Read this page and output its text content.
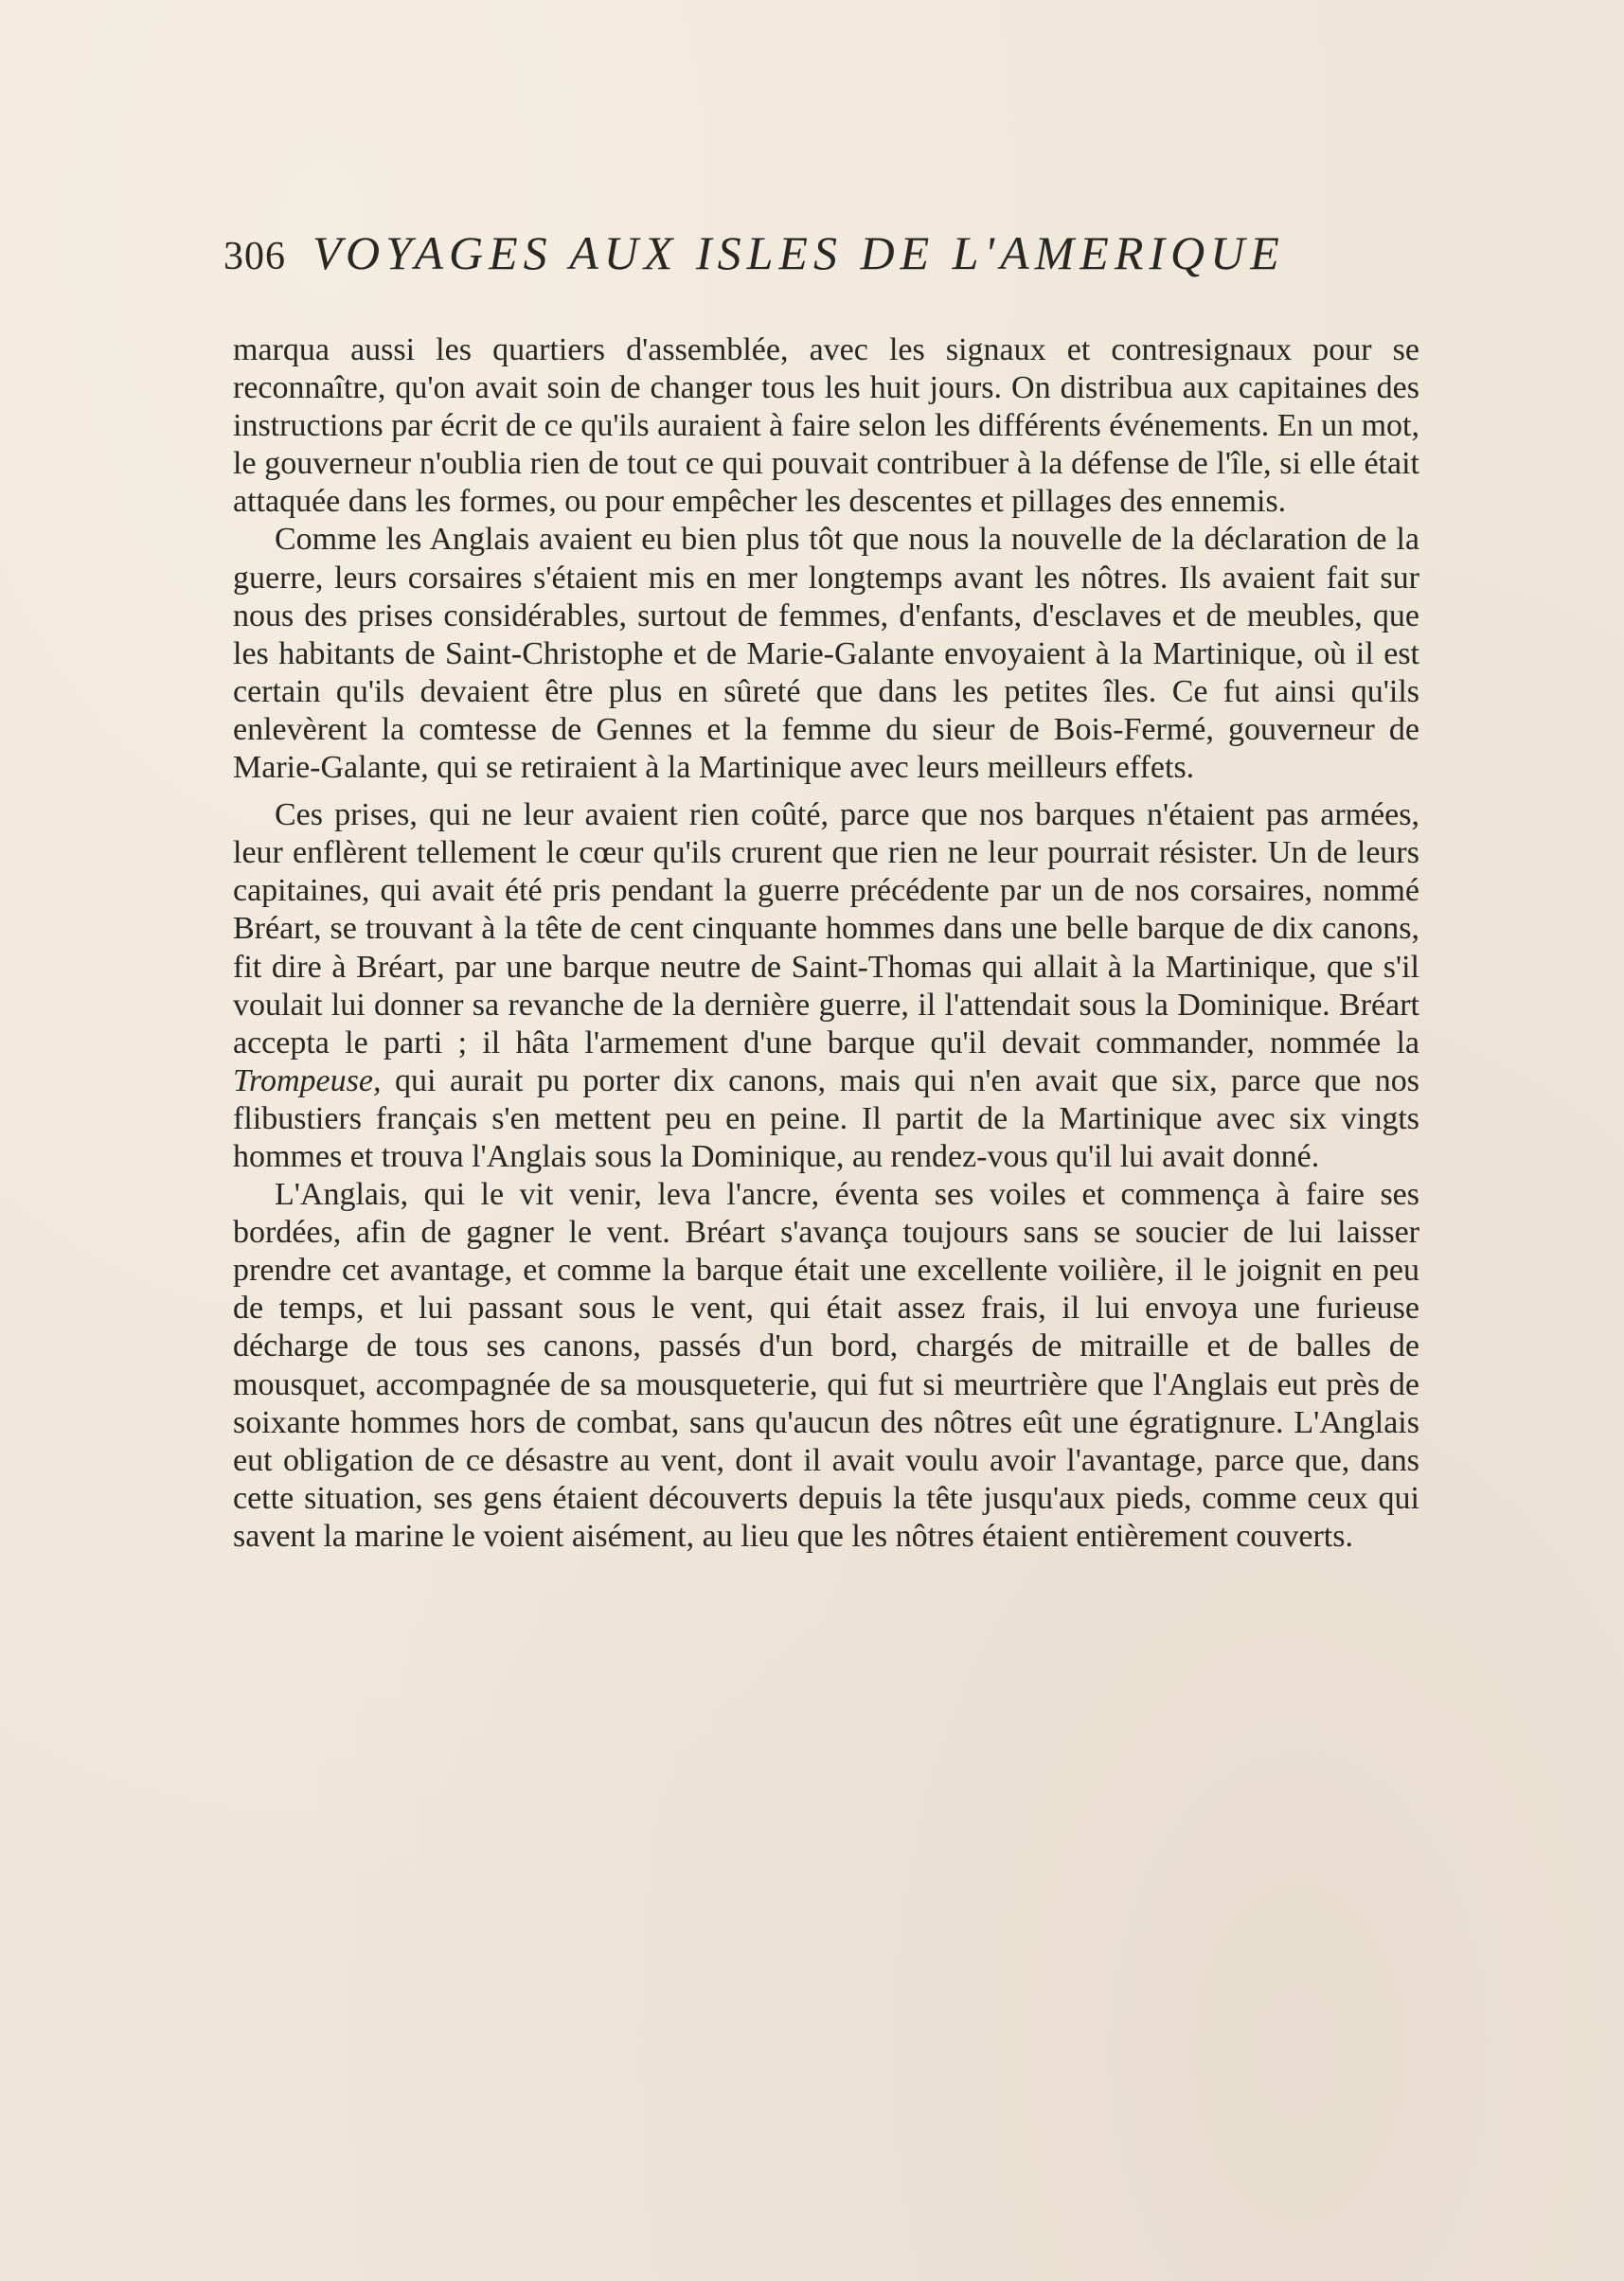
306 VOYAGES AUX ISLES DE L'AMERIQUE

marqua aussi les quartiers d'assemblée, avec les signaux et contresignaux pour se reconnaître, qu'on avait soin de changer tous les huit jours. On distribua aux capitaines des instructions par écrit de ce qu'ils auraient à faire selon les différents événements. En un mot, le gouverneur n'oublia rien de tout ce qui pouvait contribuer à la défense de l'île, si elle était attaquée dans les formes, ou pour empêcher les descentes et pillages des ennemis.

Comme les Anglais avaient eu bien plus tôt que nous la nouvelle de la déclaration de la guerre, leurs corsaires s'étaient mis en mer longtemps avant les nôtres. Ils avaient fait sur nous des prises considérables, surtout de femmes, d'enfants, d'esclaves et de meubles, que les habitants de Saint-Christophe et de Marie-Galante envoyaient à la Martinique, où il est certain qu'ils devaient être plus en sûreté que dans les petites îles. Ce fut ainsi qu'ils enlevèrent la comtesse de Gennes et la femme du sieur de Bois-Fermé, gouverneur de Marie-Galante, qui se retiraient à la Martinique avec leurs meilleurs effets.

Ces prises, qui ne leur avaient rien coûté, parce que nos barques n'étaient pas armées, leur enflèrent tellement le cœur qu'ils crurent que rien ne leur pourrait résister. Un de leurs capitaines, qui avait été pris pendant la guerre précédente par un de nos corsaires, nommé Bréart, se trouvant à la tête de cent cinquante hommes dans une belle barque de dix canons, fit dire à Bréart, par une barque neutre de Saint-Thomas qui allait à la Martinique, que s'il voulait lui donner sa revanche de la dernière guerre, il l'attendait sous la Dominique. Bréart accepta le parti ; il hâta l'armement d'une barque qu'il devait commander, nommée la Trompeuse, qui aurait pu porter dix canons, mais qui n'en avait que six, parce que nos flibustiers français s'en mettent peu en peine. Il partit de la Martinique avec six vingts hommes et trouva l'Anglais sous la Dominique, au rendez-vous qu'il lui avait donné.

L'Anglais, qui le vit venir, leva l'ancre, éventa ses voiles et commença à faire ses bordées, afin de gagner le vent. Bréart s'avança toujours sans se soucier de lui laisser prendre cet avantage, et comme la barque était une excellente voilière, il le joignit en peu de temps, et lui passant sous le vent, qui était assez frais, il lui envoya une furieuse décharge de tous ses canons, passés d'un bord, chargés de mitraille et de balles de mousquet, accompagnée de sa mousqueterie, qui fut si meurtrière que l'Anglais eut près de soixante hommes hors de combat, sans qu'aucun des nôtres eût une égratignure. L'Anglais eut obligation de ce désastre au vent, dont il avait voulu avoir l'avantage, parce que, dans cette situation, ses gens étaient découverts depuis la tête jusqu'aux pieds, comme ceux qui savent la marine le voient aisément, au lieu que les nôtres étaient entièrement couverts.
